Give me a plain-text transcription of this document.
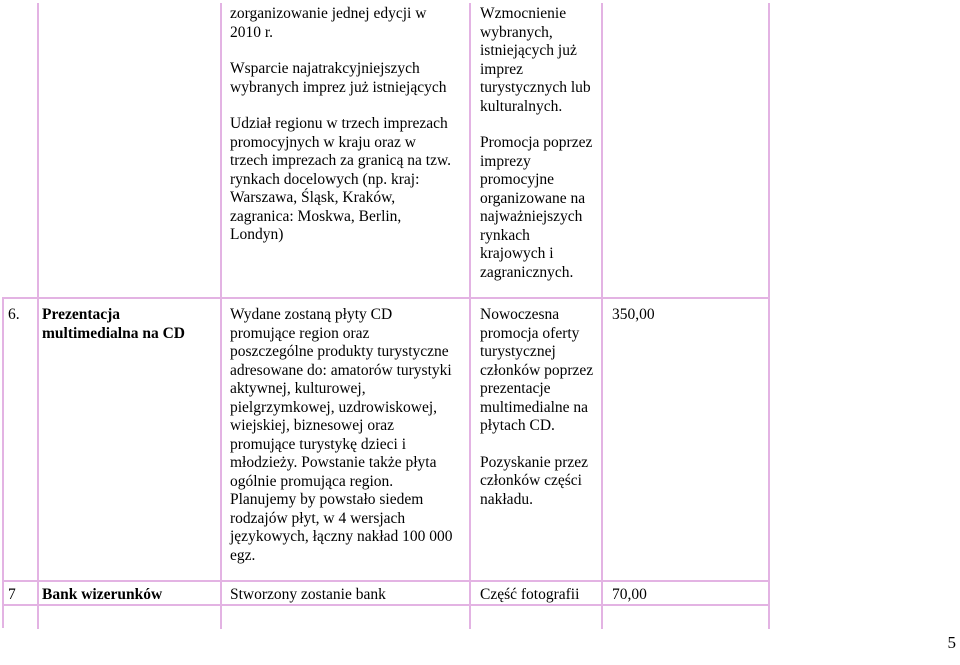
zorganizowanie jednej edycji w

2010 r.

Wsparcie najatrakcyjniejszych

wybranych imprez już istniejących

Udział regionu w trzech imprezach

promocyjnych w kraju oraz w

trzech imprezach za granicą na tzw.

rynkach docelowych (np. kraj:

Warszawa, Śląsk, Kraków,

zagranica: Moskwa, Berlin,

Londyn)

Wzmocnienie

wybranych,

istniejących już

imprez

turystycznych lub

kulturalnych.

Promocja poprzez

imprezy

promocyjne

organizowane na

najważniejszych

rynkach

krajowych i

zagranicznych.

6. Prezentacja

multimedialna na CD

Wydane zostaną płyty CD

promujące region oraz

poszczególne produkty turystyczne

adresowane do: amatorów turystyki

aktywnej, kulturowej,

pielgrzymkowej, uzdrowiskowej,

wiejskiej, biznesowej oraz

promujące turystykę dzieci i

młodzieży. Powstanie także płyta

ogólnie promująca region.

Planujemy by powstało siedem

rodzajów płyt, w 4 wersjach

językowych, łączny nakład 100 000

egz.

Nowoczesna

promocja oferty

turystycznej

członków poprzez

prezentacje

multimedialne na

płytach CD.

Pozyskanie przez

członków części

nakładu.

350,00
7 Bank wizerunków	Stworzony zostanie bank	Część fotografii 70,00
5
